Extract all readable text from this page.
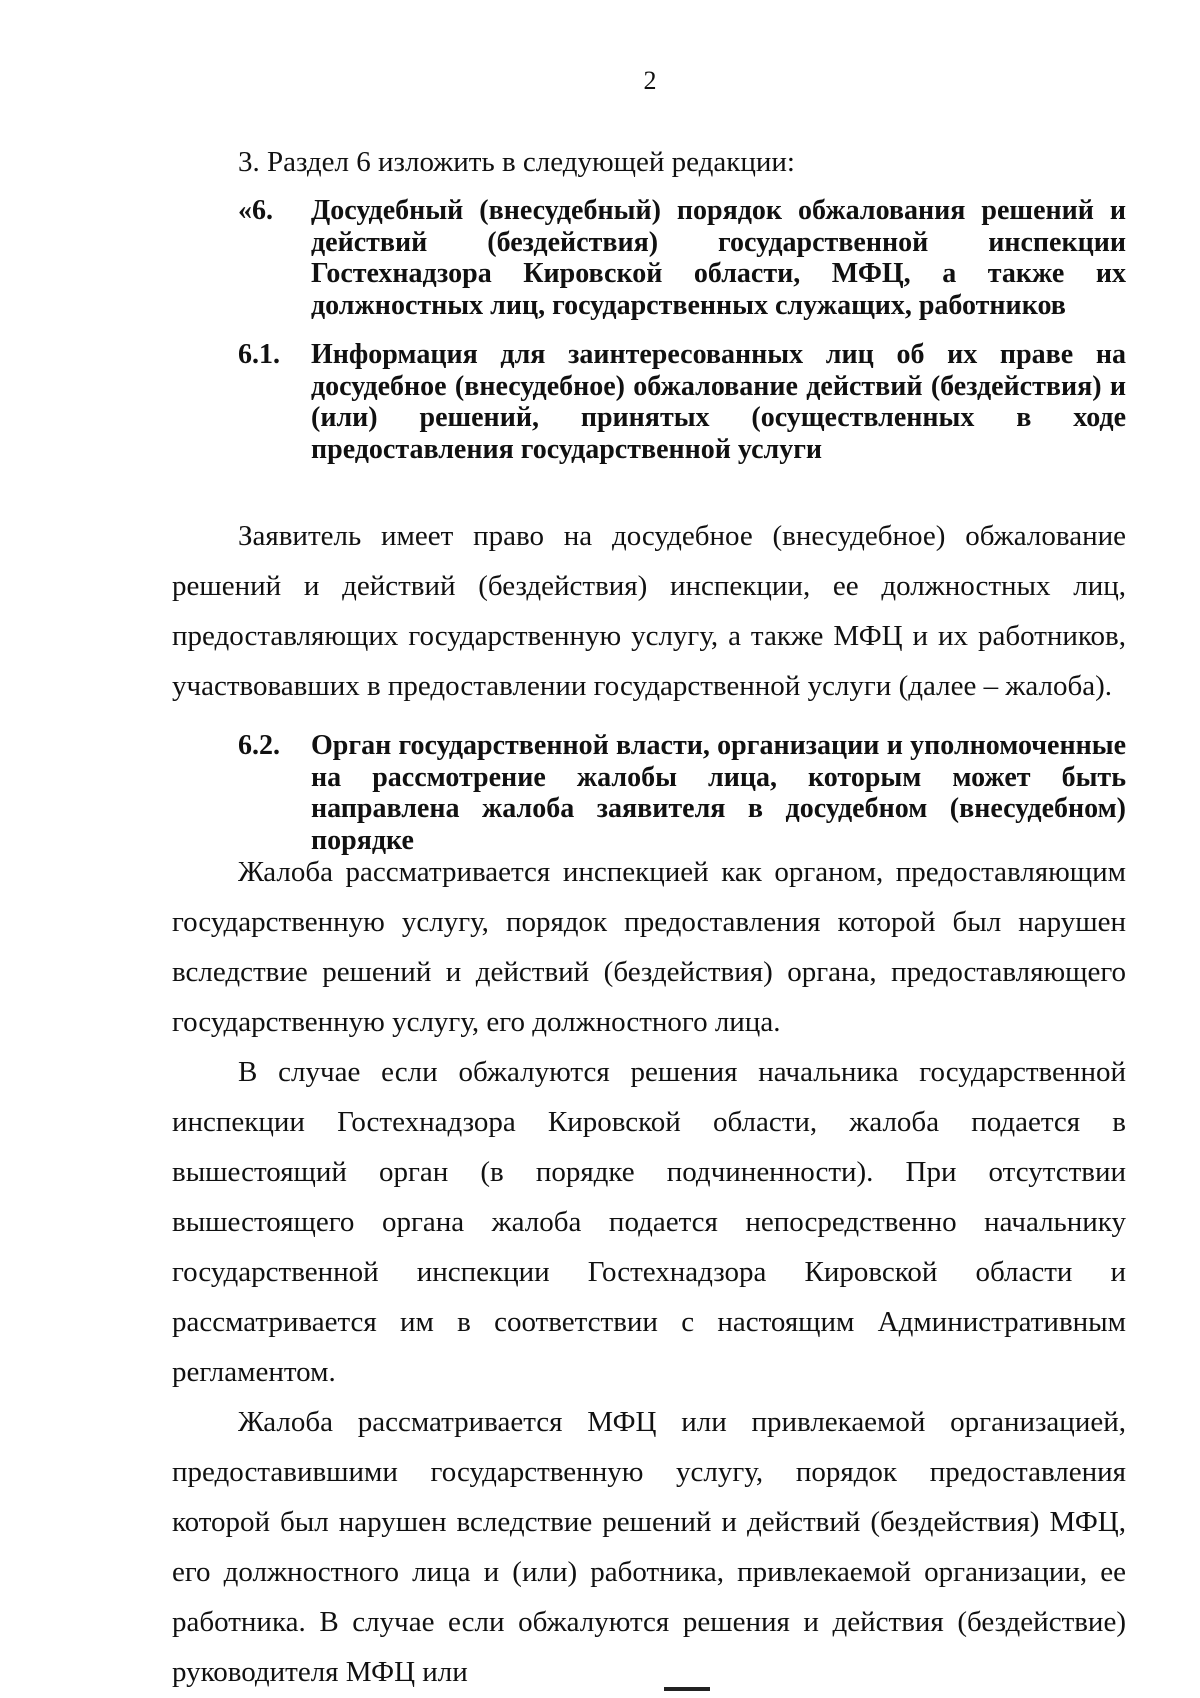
2
3. Раздел 6 изложить в следующей редакции:
«6. Досудебный (внесудебный) порядок обжалования решений и действий (бездействия) государственной инспекции Гостехнадзора Кировской области, МФЦ, а также их должностных лиц, государственных служащих, работников
6.1. Информация для заинтересованных лиц об их праве на досудебное (внесудебное) обжалование действий (бездействия) и (или) решений, принятых (осуществленных в ходе предоставления государственной услуги

Заявитель имеет право на досудебное (внесудебное) обжалование решений и действий (бездействия) инспекции, ее должностных лиц, предоставляющих государственную услугу, а также МФЦ и их работников, участвовавших в предоставлении государственной услуги (далее – жалоба).

6.2. Орган государственной власти, организации и уполномоченные на рассмотрение жалобы лица, которым может быть направлена жалоба заявителя в досудебном (внесудебном) порядке

Жалоба рассматривается инспекцией как органом, предоставляющим государственную услугу, порядок предоставления которой был нарушен вследствие решений и действий (бездействия) органа, предоставляющего государственную услугу, его должностного лица.

В случае если обжалуются решения начальника государственной инспекции Гостехнадзора Кировской области, жалоба подается в вышестоящий орган (в порядке подчиненности). При отсутствии вышестоящего органа жалоба подается непосредственно начальнику государственной инспекции Гостехнадзора Кировской области и рассматривается им в соответствии с настоящим Административным регламентом.

Жалоба рассматривается МФЦ или привлекаемой организацией, предоставившими государственную услугу, порядок предоставления которой был нарушен вследствие решений и действий (бездействия) МФЦ, его должностного лица и (или) работника, привлекаемой организации, ее работника. В случае если обжалуются решения и действия (бездействие) руководителя МФЦ или
